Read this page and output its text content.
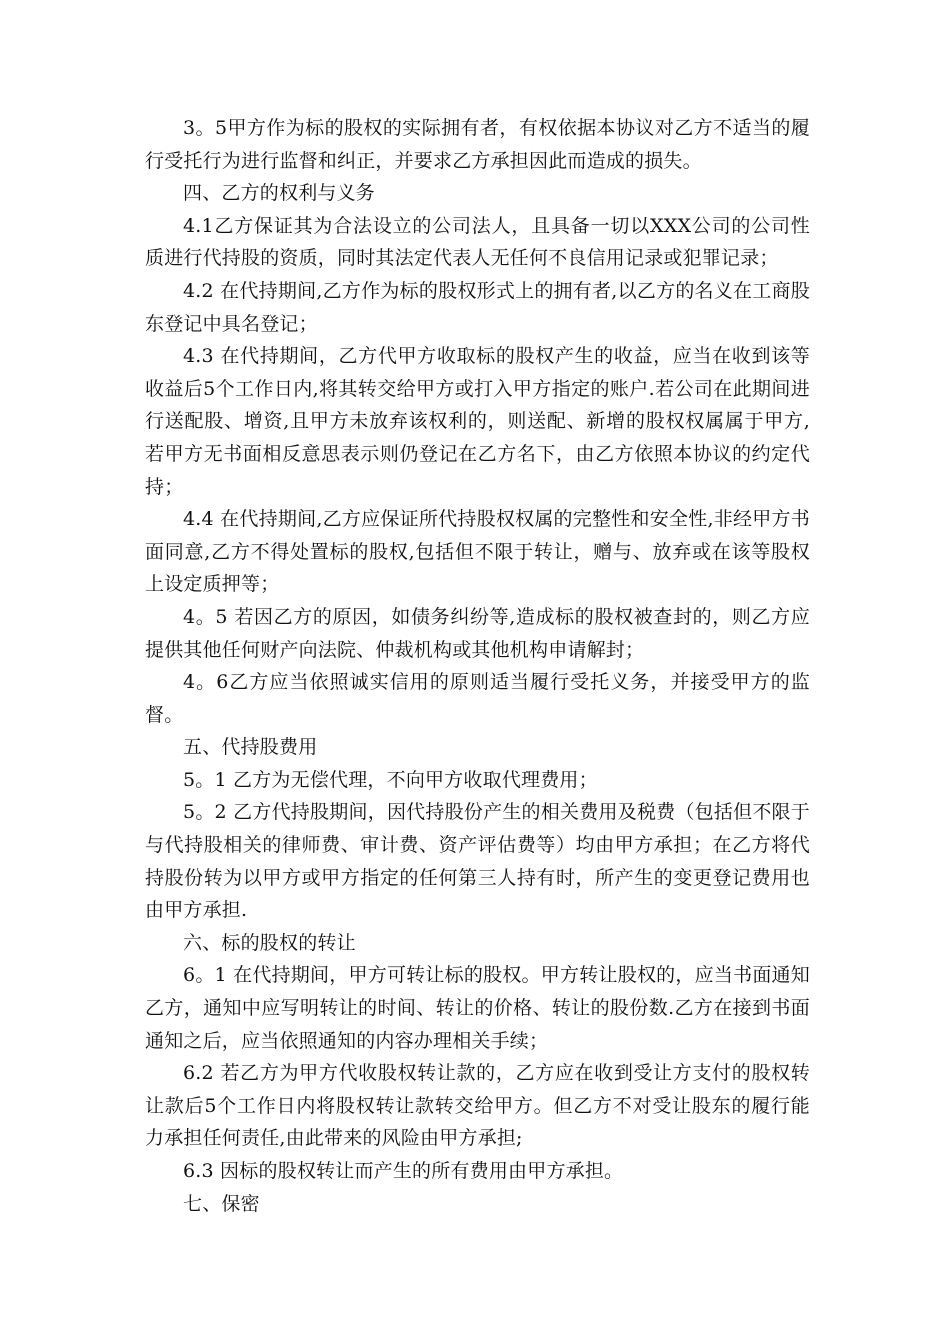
3。5甲方作为标的股权的实际拥有者，有权依据本协议对乙方不适当的履行受托行为进行监督和纠正，并要求乙方承担因此而造成的损失。

四、乙方的权利与义务

4.1乙方保证其为合法设立的公司法人，且具备一切以XXX公司的公司性质进行代持股的资质，同时其法定代表人无任何不良信用记录或犯罪记录；

4.2 在代持期间,乙方作为标的股权形式上的拥有者,以乙方的名义在工商股东登记中具名登记；

4.3 在代持期间，乙方代甲方收取标的股权产生的收益，应当在收到该等收益后5个工作日内,将其转交给甲方或打入甲方指定的账户.若公司在此期间进行送配股、增资,且甲方未放弃该权利的，则送配、新增的股权权属属于甲方,若甲方无书面相反意思表示则仍登记在乙方名下，由乙方依照本协议的约定代持；

4.4 在代持期间,乙方应保证所代持股权权属的完整性和安全性,非经甲方书面同意,乙方不得处置标的股权,包括但不限于转让，赠与、放弃或在该等股权上设定质押等；

4。5 若因乙方的原因，如债务纠纷等,造成标的股权被查封的，则乙方应提供其他任何财产向法院、仲裁机构或其他机构申请解封；

4。6乙方应当依照诚实信用的原则适当履行受托义务，并接受甲方的监督。

五、代持股费用

5。1 乙方为无偿代理，不向甲方收取代理费用；

5。2 乙方代持股期间，因代持股份产生的相关费用及税费（包括但不限于与代持股相关的律师费、审计费、资产评估费等）均由甲方承担；在乙方将代持股份转为以甲方或甲方指定的任何第三人持有时，所产生的变更登记费用也由甲方承担.

六、标的股权的转让

6。1 在代持期间，甲方可转让标的股权。甲方转让股权的，应当书面通知乙方，通知中应写明转让的时间、转让的价格、转让的股份数.乙方在接到书面通知之后，应当依照通知的内容办理相关手续；

6.2 若乙方为甲方代收股权转让款的，乙方应在收到受让方支付的股权转让款后5个工作日内将股权转让款转交给甲方。但乙方不对受让股东的履行能力承担任何责任,由此带来的风险由甲方承担;

6.3 因标的股权转让而产生的所有费用由甲方承担。

七、保密
